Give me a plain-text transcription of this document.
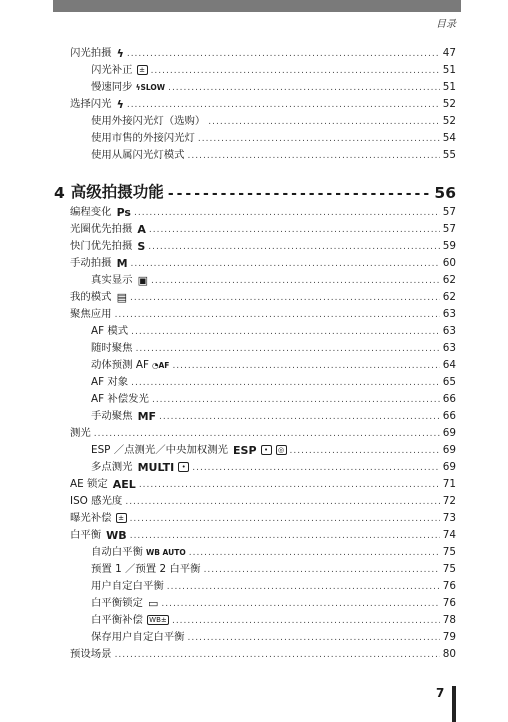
目录
闪光拍摄 ϟ .....	47
闪光补正 ± .....	51
慢速同步 ϟSLOW .....	51
选择闪光 ϟ .....	52
使用外接闪光灯（选购） .....	52
使用市售的外接闪光灯 .....	54
使用从属闪光灯模式 .....	55
4 高级拍摄功能 -----	56
编程变化 Ps .....	57
光圈优先拍摄 A .....	57
快门优先拍摄 S .....	59
手动拍摄 M .....	60
真实显示 ▣ .....	62
我的模式 ▤ .....	62
聚焦应用 .....	63
AF 模式 .....	63
随时聚焦 .....	63
动体预测 AF ◔AF .....	64
AF 对象 .....	65
AF 补偿发光 .....	66
手动聚焦 MF .....	66
测光 .....	69
ESP ／点测光／中央加权测光 ESP	•	◎ .....	69
多点测光 MULTI	• .....	69
AE 锁定 AEL .....	71
ISO 感光度 .....	72
曝光补偿 ± .....	73
白平衡 WB .....	74
自动白平衡 WB AUTO .....	75
预置 1 ／预置 2 白平衡 .....	75
用户自定白平衡 .....	76
白平衡锁定 ▭ .....	76
白平衡补偿 WB± .....	78
保存用户自定白平衡 .....	79
预设场景 .....	80
7
